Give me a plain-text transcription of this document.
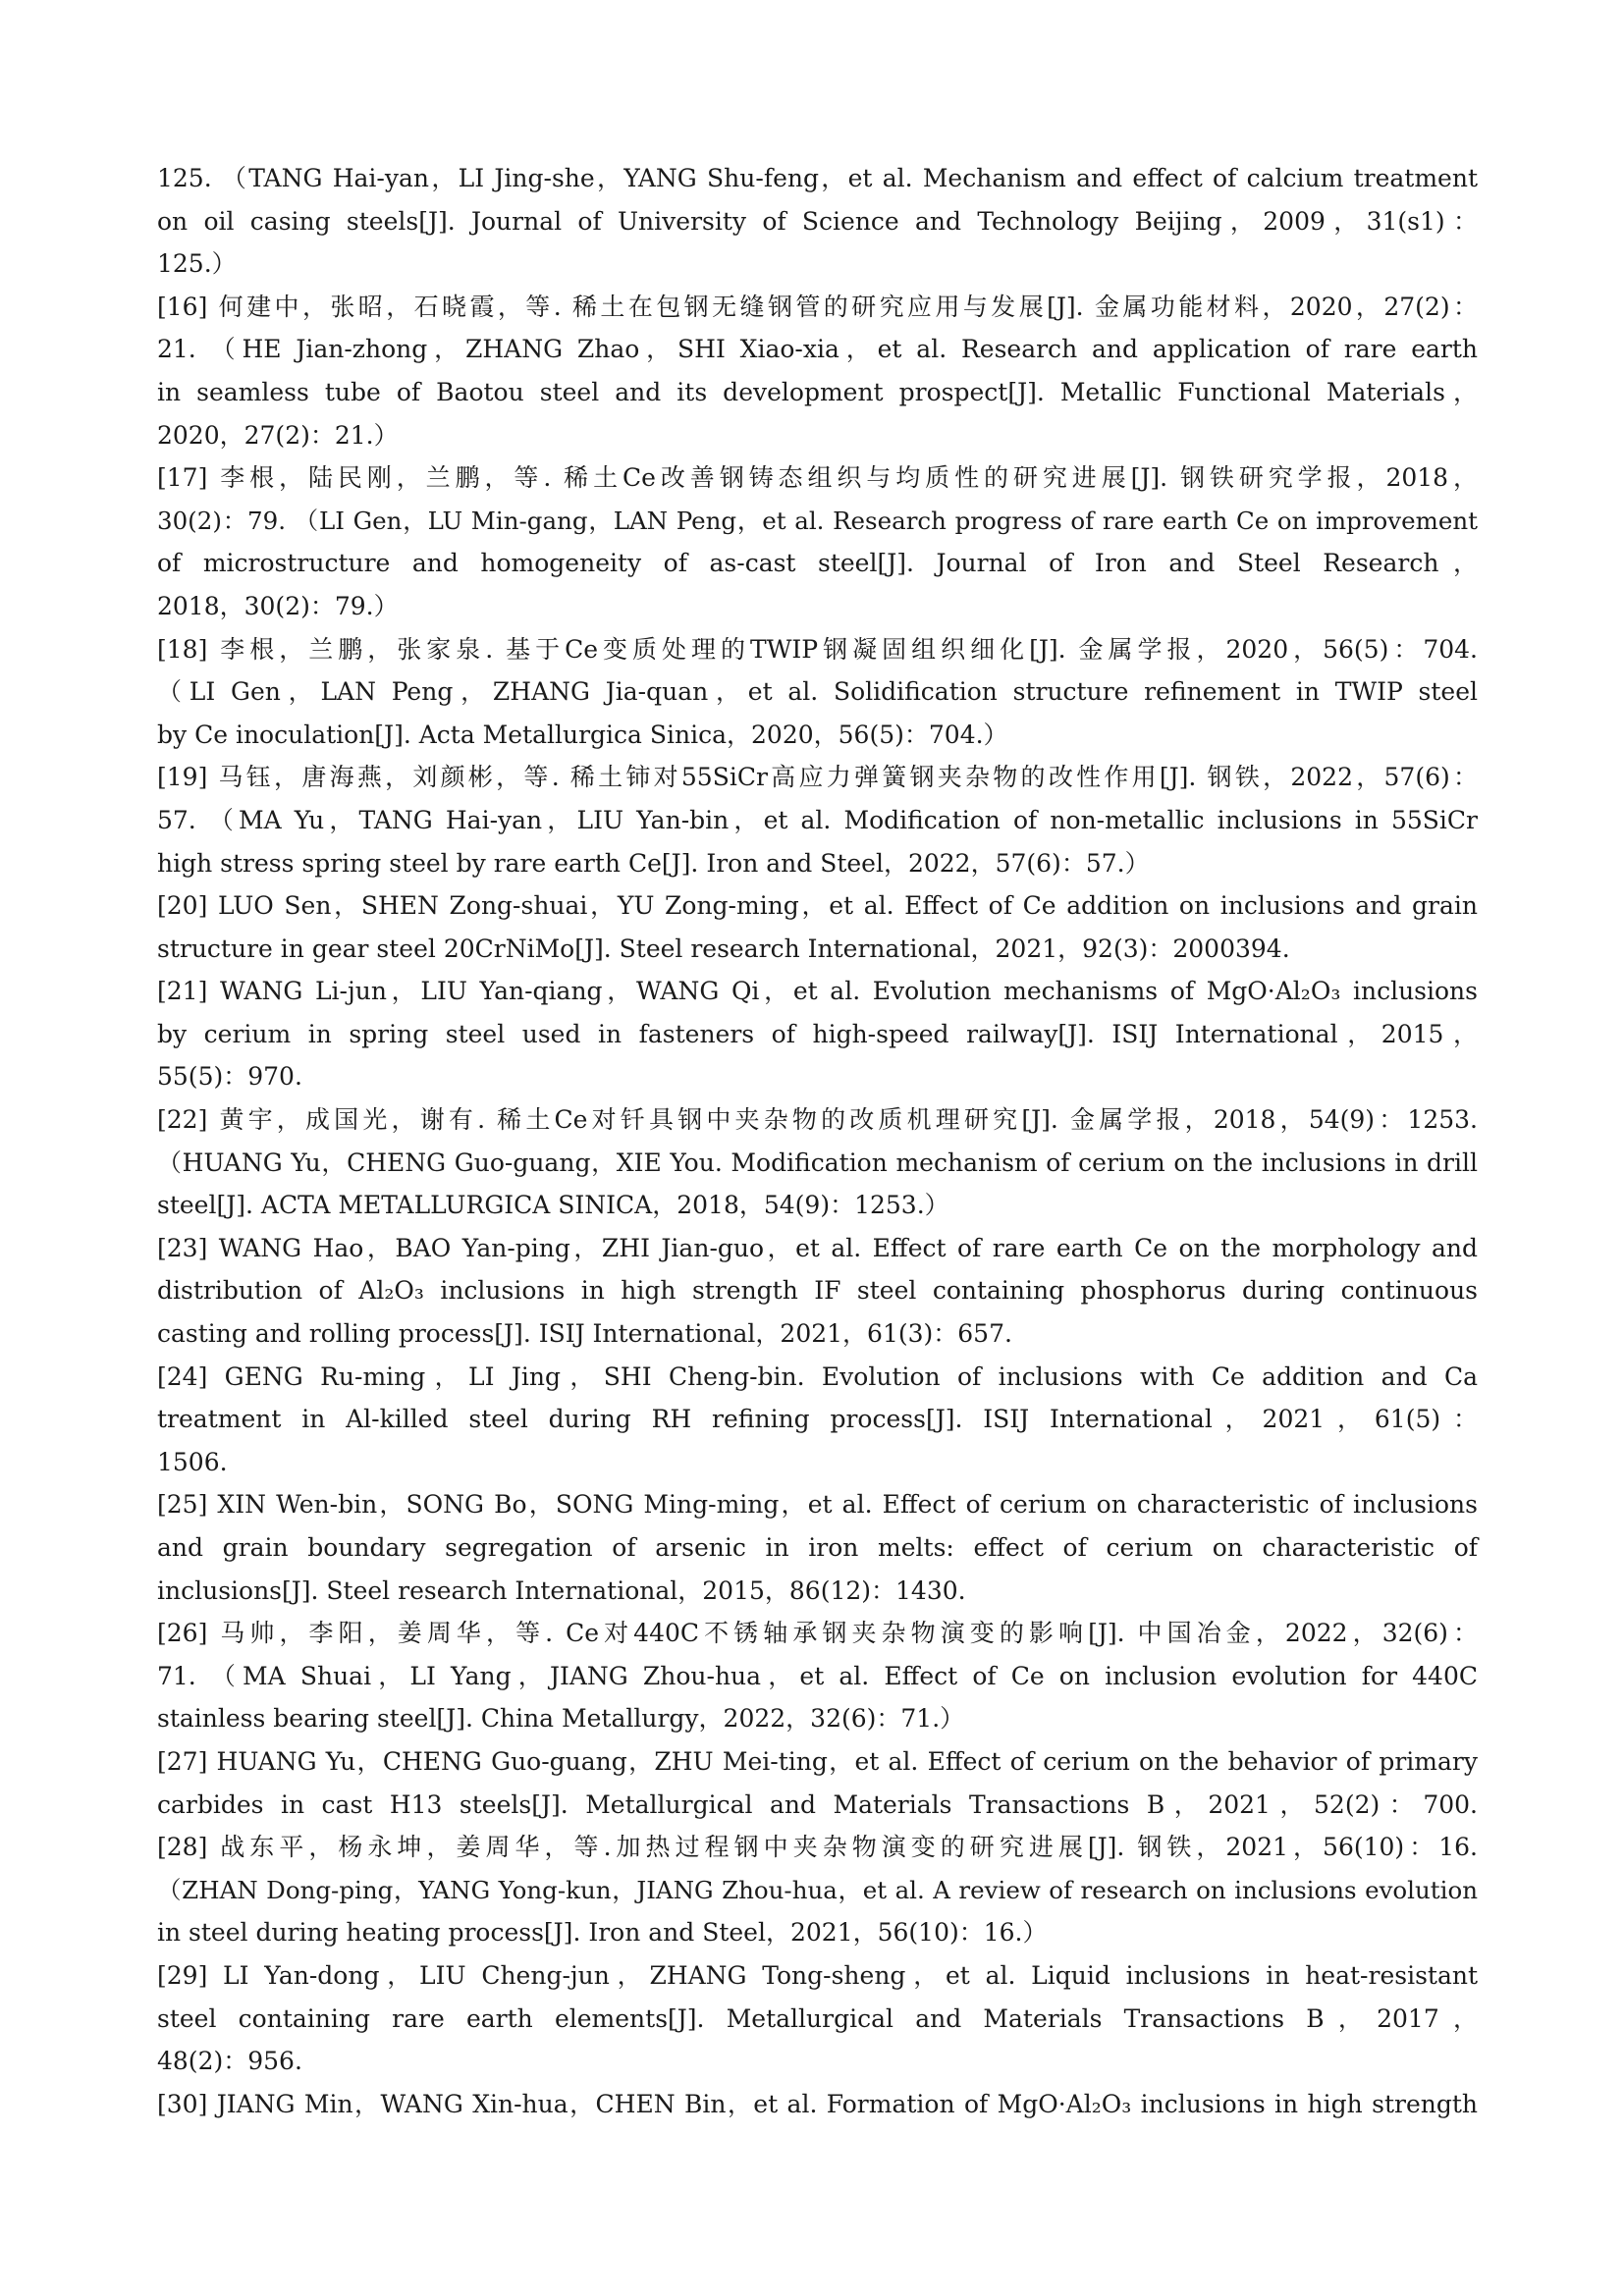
125. （TANG Hai-yan，LI Jing-she，YANG Shu-feng，et al. Mechanism and effect of calcium treatment
on oil casing steels[J]. Journal of University of Science and Technology Beijing，2009，31(s1)：
125.）
[16] 何建中，张昭，石晓霞，等. 稀土在包钢无缝钢管的研究应用与发展[J]. 金属功能材料，2020，27(2)：
21. （HE Jian-zhong，ZHANG Zhao，SHI Xiao-xia，et al. Research and application of rare earth
in seamless tube of Baotou steel and its development prospect[J]. Metallic Functional Materials，
2020，27(2)：21.）
[17] 李根，陆民刚，兰鹏，等. 稀土Ce改善钢铸态组织与均质性的研究进展[J]. 钢铁研究学报，2018，
30(2)：79. （LI Gen，LU Min-gang，LAN Peng，et al. Research progress of rare earth Ce on improvement
of microstructure and homogeneity of as-cast steel[J]. Journal of Iron and Steel Research，
2018，30(2)：79.）
[18] 李根，兰鹏，张家泉. 基于Ce变质处理的TWIP钢凝固组织细化[J]. 金属学报，2020，56(5)：704.
（LI Gen，LAN Peng，ZHANG Jia-quan，et al. Solidification structure refinement in TWIP steel
by Ce inoculation[J]. Acta Metallurgica Sinica，2020，56(5)：704.）
[19] 马钰，唐海燕，刘颜彬，等. 稀土铈对55SiCr高应力弹簧钢夹杂物的改性作用[J]. 钢铁，2022，57(6)：
57. （MA Yu，TANG Hai-yan，LIU Yan-bin，et al. Modification of non-metallic inclusions in 55SiCr
high stress spring steel by rare earth Ce[J]. Iron and Steel，2022，57(6)：57.）
[20] LUO Sen，SHEN Zong-shuai，YU Zong-ming，et al. Effect of Ce addition on inclusions and grain
structure in gear steel 20CrNiMo[J]. Steel research International，2021，92(3)：2000394.
[21] WANG Li-jun，LIU Yan-qiang，WANG Qi，et al. Evolution mechanisms of MgO·Al₂O₃ inclusions
by cerium in spring steel used in fasteners of high-speed railway[J]. ISIJ International，2015，
55(5)：970.
[22] 黄宇，成国光，谢有. 稀土Ce对钎具钢中夹杂物的改质机理研究[J]. 金属学报，2018，54(9)：1253.
（HUANG Yu，CHENG Guo-guang，XIE You. Modification mechanism of cerium on the inclusions in drill
steel[J]. ACTA METALLURGICA SINICA，2018，54(9)：1253.）
[23] WANG Hao，BAO Yan-ping，ZHI Jian-guo，et al. Effect of rare earth Ce on the morphology and
distribution of Al₂O₃ inclusions in high strength IF steel containing phosphorus during continuous
casting and rolling process[J]. ISIJ International，2021，61(3)：657.
[24] GENG Ru-ming，LI Jing，SHI Cheng-bin. Evolution of inclusions with Ce addition and Ca
treatment in Al-killed steel during RH refining process[J]. ISIJ International，2021，61(5)：
1506.
[25] XIN Wen-bin，SONG Bo，SONG Ming-ming，et al. Effect of cerium on characteristic of inclusions
and grain boundary segregation of arsenic in iron melts: effect of cerium on characteristic of
inclusions[J]. Steel research International，2015，86(12)：1430.
[26] 马帅，李阳，姜周华，等. Ce对440C不锈轴承钢夹杂物演变的影响[J]. 中国冶金，2022，32(6)：
71. （MA Shuai，LI Yang，JIANG Zhou-hua，et al. Effect of Ce on inclusion evolution for 440C
stainless bearing steel[J]. China Metallurgy，2022，32(6)：71.）
[27] HUANG Yu，CHENG Guo-guang，ZHU Mei-ting，et al. Effect of cerium on the behavior of primary
carbides in cast H13 steels[J]. Metallurgical and Materials Transactions B，2021，52(2)：700.
[28] 战东平，杨永坤，姜周华，等.加热过程钢中夹杂物演变的研究进展[J]. 钢铁，2021，56(10)：16.
（ZHAN Dong-ping，YANG Yong-kun，JIANG Zhou-hua，et al. A review of research on inclusions evolution
in steel during heating process[J]. Iron and Steel，2021，56(10)：16.）
[29] LI Yan-dong，LIU Cheng-jun，ZHANG Tong-sheng，et al. Liquid inclusions in heat-resistant
steel containing rare earth elements[J]. Metallurgical and Materials Transactions B，2017，
48(2)：956.
[30] JIANG Min，WANG Xin-hua，CHEN Bin，et al. Formation of MgO·Al₂O₃ inclusions in high strength
